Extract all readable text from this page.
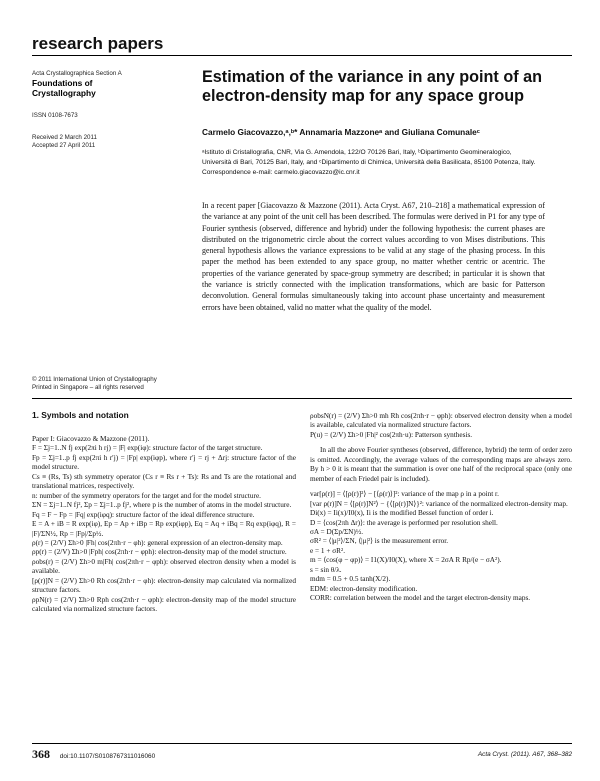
research papers
Acta Crystallographica Section A
Foundations of
Crystallography
ISSN 0108-7673
Received 2 March 2011
Accepted 27 April 2011
© 2011 International Union of Crystallography
Printed in Singapore – all rights reserved
Estimation of the variance in any point of an electron-density map for any space group
Carmelo Giacovazzo,ᵃ,ᵇ* Annamaria Mazzoneᵃ and Giuliana Comunaleᶜ
ᵃIstituto di Cristallografia, CNR, Via G. Amendola, 122/O 70126 Bari, Italy, ᵇDipartimento Geomineralogico, Università di Bari, 70125 Bari, Italy, and ᶜDipartimento di Chimica, Università della Basilicata, 85100 Potenza, Italy. Correspondence e-mail: carmelo.giacovazzo@ic.cnr.it
In a recent paper [Giacovazzo & Mazzone (2011). Acta Cryst. A67, 210–218] a mathematical expression of the variance at any point of the unit cell has been described. The formulas were derived in P1 for any type of Fourier synthesis (observed, difference and hybrid) under the following hypothesis: the current phases are distributed on the trigonometric circle about the correct values according to von Mises distributions. This general hypothesis allows the variance expressions to be valid at any stage of the phasing process. In this paper the method has been extended to any space group, no matter whether centric or acentric. The properties of the variance generated by space-group symmetry are described; in particular it is shown that the variance is strictly connected with the implication transformations, which are basic for Patterson deconvolution. General formulas simultaneously taking into account phase uncertainty and measurement errors have been obtained, valid no matter what the quality of the model.
1. Symbols and notation

Paper I: Giacovazzo & Mazzone (2011).

F = Σj=1..N fj exp(2πi h rj) = |F| exp(iφ): structure factor of the target structure.

Fp = Σj=1..p fj exp(2πi h r′j) = |Fp| exp(iφp), where r′j = rj + Δrj: structure factor of the model structure.

Cs ≡ (Rs, Ts) sth symmetry operator (Cs r ≡ Rs r + Ts): Rs and Ts are the rotational and translational matrices, respectively.

n: number of the symmetry operators for the target and for the model structure.

ΣN = Σj=1..N fj², Σp = Σj=1..p fj², where p is the number of atoms in the model structure.

Fq = F − Fp = |Fq| exp(iφq): structure factor of the ideal difference structure.

E = A + iB = R exp(iφ), Ep = Ap + iBp = Rp exp(iφp), Eq = Aq + iBq = Rq exp(iφq), R = |F|/ΣN½, Rp = |Fp|/Σp½.

ρ(r) = (2/V) Σh>0 |Fh| cos(2πh·r − φh): general expression of an electron-density map.

ρp(r) = (2/V) Σh>0 |Fph| cos(2πh·r − φph): electron-density map of the model structure.

ρobs(r) = (2/V) Σh>0 m|Fh| cos(2πh·r − φph): observed electron density when a model is available.

[ρ(r)]N = (2/V) Σh>0 Rh cos(2πh·r − φh): electron-density map calculated via normalized structure factors.

ρpN(r) = (2/V) Σh>0 Rph cos(2πh·r − φph): electron-density map of the model structure calculated via normalized structure factors.

ρobsN(r) = (2/V) Σh>0 mh Rh cos(2πh·r − φph): observed electron density when a model is available, calculated via normalized structure factors.

P(u) = (2/V) Σh>0 |Fh|² cos(2πh·u): Patterson synthesis.

In all the above Fourier syntheses (observed, difference, hybrid) the term of order zero is omitted. Accordingly, the average values of the corresponding maps are always zero. By h > 0 it is meant that the summation is over one half of the reciprocal space (only one member of each Friedel pair is included).

var[ρ(r)] = ⟨[ρ(r)]²⟩ − [⟨ρ(r)⟩]²: variance of the map ρ in a point r.

[var ρ(r)]N = ⟨[ρ(r)]N²⟩ − {⟨[ρ(r)]N⟩}²: variance of the normalized electron-density map.

Di(x) = Ii(x)/I0(x), Ii is the modified Bessel function of order i.

D = ⟨cos(2πh Δr)⟩: the average is performed per resolution shell.

σA = D(Σp/ΣN)½.

σR² = ⟨|μ|²⟩/ΣN, ⟨|μ|²⟩ is the measurement error.

e = 1 + σR².

m = ⟨cos(φ − φp)⟩ = I1(X)/I0(X), where X = 2σA R Rp/(e − σA²).

s = sin θ/λ.

mdm = 0.5 + 0.5 tanh(X/2).

EDM: electron-density modification.

CORR: correlation between the model and the target electron-density maps.

368 doi:10.1107/S0108767311016060	Acta Cryst. (2011). A67, 368–382
